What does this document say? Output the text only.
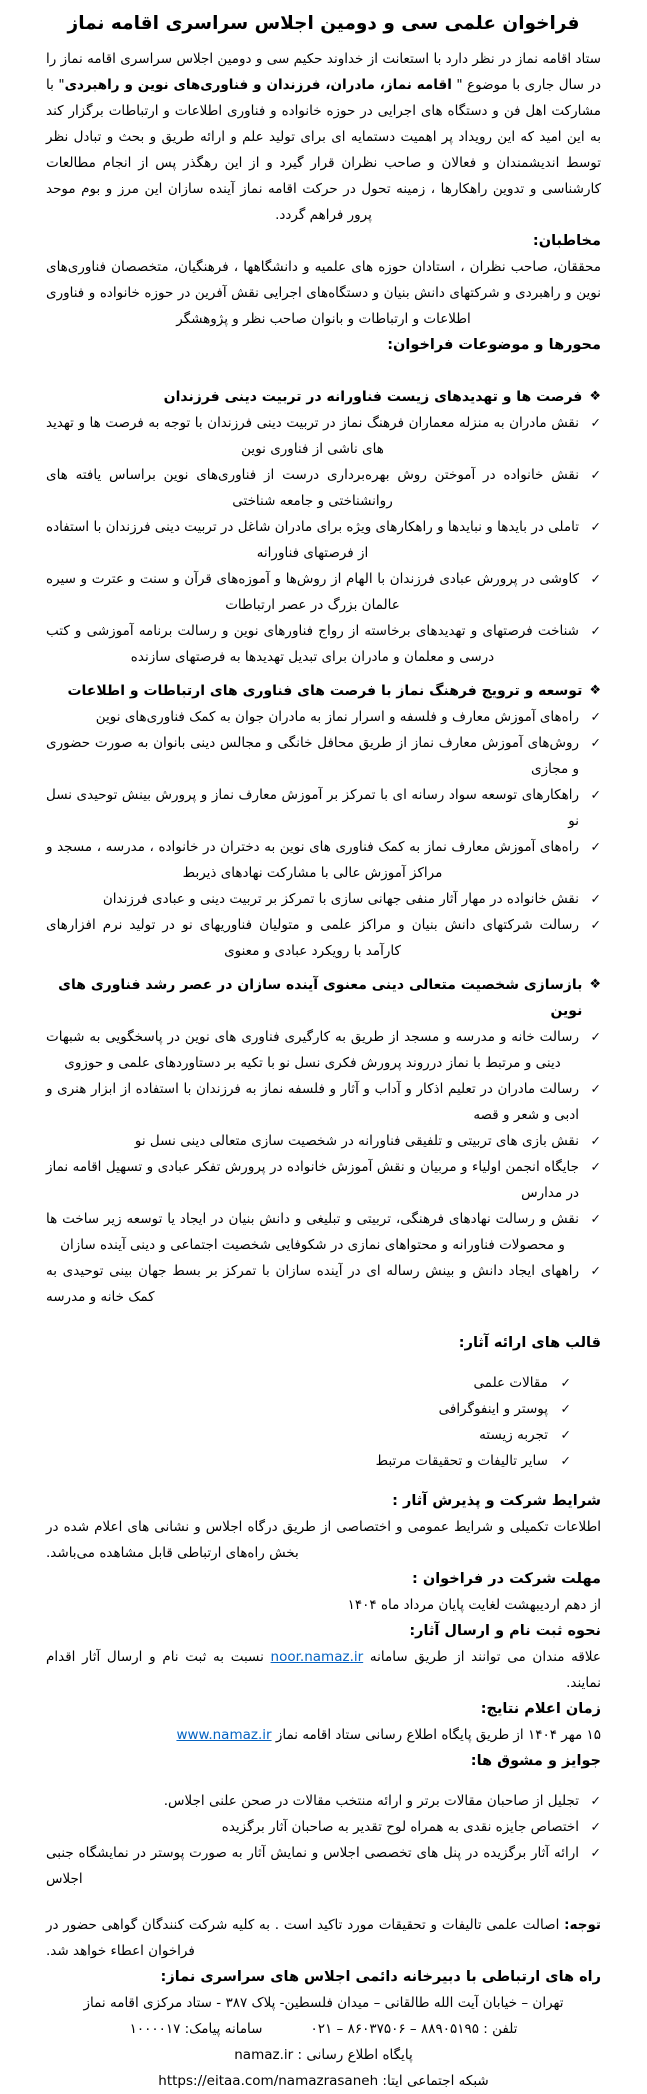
فراخوان علمی سی و دومین اجلاس سراسری اقامه نماز

ستاد اقامه نماز در نظر دارد با استعانت از خداوند حکیم سی و دومین اجلاس سراسری اقامه نماز را در سال جاری با موضوع " اقامه نماز، مادران، فرزندان و فناوری‌های نوین و راهبردی" با مشارکت اهل فن و دستگاه های اجرایی در حوزه خانواده و فناوری اطلاعات و ارتباطات برگزار کند به این امید که این رویداد پر اهمیت دستمایه ای برای تولید علم و ارائه طریق و بحث و تبادل نظر توسط اندیشمندان و فعالان و صاحب نظران قرار گیرد و از این رهگذر پس از انجام مطالعات کارشناسی و تدوین راهکارها ، زمینه تحول در حرکت اقامه نماز آینده سازان این مرز و بوم موحد پرور فراهم گردد.

مخاطبان:

محققان، صاحب نظران ، استادان حوزه های علمیه و دانشگاهها ، فرهنگیان، متخصصان فناوری‌های نوین و راهبردی و شرکتهای دانش بنیان و دستگاه‌های اجرایی نقش آفرین در حوزه خانواده و فناوری اطلاعات و ارتباطات و بانوان صاحب نظر و پژوهشگر

محورها و موضوعات فراخوان:

❖
فرصت ها و تهدیدهای زیست فناورانه در تربیت دینی فرزندان
✓
نقش مادران به منزله معماران فرهنگ نماز در تربیت دینی فرزندان با توجه به فرصت ها و تهدید های ناشی از فناوری نوین
✓
نقش خانواده در آموختن روش بهره‌برداری درست از فناوری‌های نوین براساس یافته های روانشناختی و جامعه شناختی
✓
تاملی در بایدها و نبایدها و راهکارهای ویژه برای مادران شاغل در تربیت دینی فرزندان با استفاده از فرصتهای فناورانه
✓
کاوشی در پرورش عبادی فرزندان با الهام از روش‌ها و آموزه‌های قرآن و سنت و عترت و سیره عالمان بزرگ در عصر ارتباطات
✓
شناخت فرصتهای و تهدیدهای برخاسته از رواج فناورهای نوین و رسالت برنامه آموزشی و کتب درسی و معلمان و مادران برای تبدیل تهدیدها به فرصتهای سازنده
❖
توسعه و ترویج فرهنگ نماز با فرصت های فناوری های ارتباطات و اطلاعات
✓
راه‌های آموزش معارف و فلسفه و اسرار نماز به مادران جوان به کمک فناوری‌های نوین
✓
روش‌های آموزش معارف نماز از طریق محافل خانگی و مجالس دینی بانوان به صورت حضوری و مجازی
✓
راهکارهای توسعه سواد رسانه ای با تمرکز بر آموزش معارف نماز و پرورش بینش توحیدی نسل نو
✓
راه‌های آموزش معارف نماز به کمک فناوری های نوین به دختران در خانواده ، مدرسه ، مسجد و مراکز آموزش عالی با مشارکت نهادهای ذیربط
✓
نقش خانواده در مهار آثار منفی جهانی سازی با تمرکز بر تربیت دینی و عبادی فرزندان
✓
رسالت شرکتهای دانش بنیان و مراکز علمی و متولیان فناوریهای نو در تولید نرم افزارهای کارآمد با رویکرد عبادی و معنوی
❖
بازسازی شخصیت متعالی دینی معنوی آینده سازان در عصر رشد فناوری های نوین
✓
رسالت خانه و مدرسه و مسجد از طریق به کارگیری فناوری های نوین در پاسخگویی به شبهات دینی و مرتبط با نماز درروند پرورش فکری نسل نو با تکیه بر دستاوردهای علمی و حوزوی
✓
رسالت مادران در تعلیم اذکار و آداب و آثار و فلسفه نماز به فرزندان با استفاده از ابزار هنری و ادبی و شعر و قصه
✓
نقش بازی های تربیتی و تلفیقی فناورانه در شخصیت سازی متعالی دینی نسل نو
✓
جایگاه انجمن اولیاء و مربیان و نقش آموزش خانواده در پرورش تفکر عبادی و تسهیل اقامه نماز در مدارس
✓
نقش و رسالت نهادهای فرهنگی، تربیتی و تبلیغی و دانش بنیان در ایجاد یا توسعه زیر ساخت ها و محصولات فناورانه و محتواهای نمازی در شکوفایی شخصیت اجتماعی و دینی آینده سازان
✓
راههای ایجاد دانش و بینش رساله ای در آینده سازان با تمرکز بر بسط جهان بینی توحیدی به کمک خانه و مدرسه

قالب های ارائه آثار:

✓
مقالات علمی
✓
پوستر و اینفوگرافی
✓
تجربه زیسته
✓
سایر تالیفات و تحقیقات مرتبط

شرایط شرکت و پذیرش آثار :

اطلاعات تکمیلی و شرایط عمومی و اختصاصی از طریق درگاه اجلاس و نشانی های اعلام شده در بخش راه‌های ارتباطی قابل مشاهده می‌باشد.

مهلت شرکت در فراخوان :

از دهم اردیبهشت لغایت پایان مرداد ماه ۱۴۰۴

نحوه ثبت نام و ارسال آثار:

علاقه مندان می توانند از طریق سامانه noor.namaz.ir نسبت به ثبت نام و ارسال آثار اقدام نمایند.

زمان اعلام نتایج:

۱۵ مهر ۱۴۰۴ از طریق پایگاه اطلاع رسانی ستاد اقامه نماز www.namaz.ir

جوایز و مشوق ها:

✓
تجلیل از صاحبان مقالات برتر و ارائه منتخب مقالات در صحن علنی اجلاس.
✓
اختصاص جایزه نقدی به همراه لوح تقدیر به صاحبان آثار برگزیده
✓
ارائه آثار برگزیده در پنل های تخصصی اجلاس و نمایش آثار به صورت پوستر در نمایشگاه جنبی اجلاس

توجه: اصالت علمی تالیفات و تحقیقات مورد تاکید است . به کلیه شرکت کنندگان گواهی حضور در فراخوان اعطاء خواهد شد.

راه های ارتباطی با دبیرخانه دائمی اجلاس های سراسری نماز:

تهران – خیابان آیت الله طالقانی – میدان فلسطین- پلاک ۳۸۷ - ستاد مرکزی اقامه نماز

تلفن : ۸۸۹۰۵۱۹۵ – ۸۶۰۳۷۵۰۶ – ۰۲۱
سامانه پیامک: ۱۰۰۰۰۱۷

پایگاه اطلاع رسانی : namaz.ir

شبکه اجتماعی ایتا: https://eitaa.com/namazrasaneh
